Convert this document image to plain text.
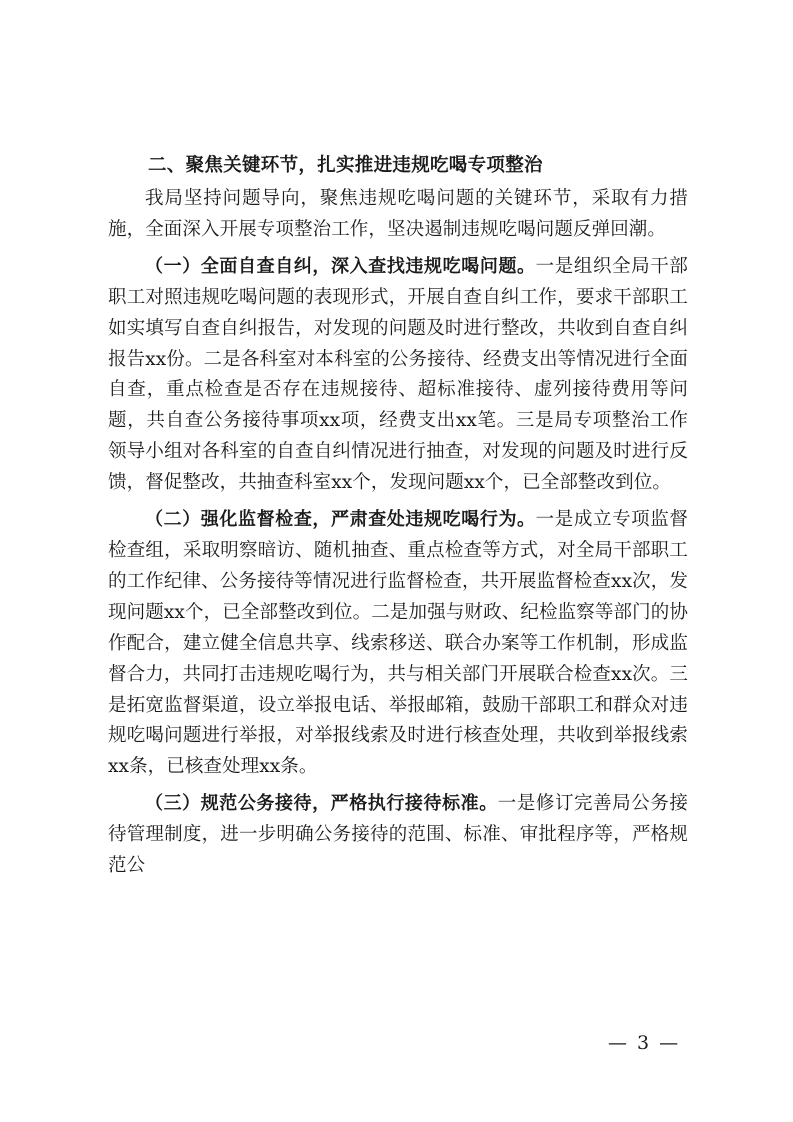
二、聚焦关键环节，扎实推进违规吃喝专项整治

我局坚持问题导向，聚焦违规吃喝问题的关键环节，采取有力措施，全面深入开展专项整治工作，坚决遏制违规吃喝问题反弹回潮。

（一）全面自查自纠，深入查找违规吃喝问题。一是组织全局干部职工对照违规吃喝问题的表现形式，开展自查自纠工作，要求干部职工如实填写自查自纠报告，对发现的问题及时进行整改，共收到自查自纠报告xx份。二是各科室对本科室的公务接待、经费支出等情况进行全面自查，重点检查是否存在违规接待、超标准接待、虚列接待费用等问题，共自查公务接待事项xx项，经费支出xx笔。三是局专项整治工作领导小组对各科室的自查自纠情况进行抽查，对发现的问题及时进行反馈，督促整改，共抽查科室xx个，发现问题xx个，已全部整改到位。

（二）强化监督检查，严肃查处违规吃喝行为。一是成立专项监督检查组，采取明察暗访、随机抽查、重点检查等方式，对全局干部职工的工作纪律、公务接待等情况进行监督检查，共开展监督检查xx次，发现问题xx个，已全部整改到位。二是加强与财政、纪检监察等部门的协作配合，建立健全信息共享、线索移送、联合办案等工作机制，形成监督合力，共同打击违规吃喝行为，共与相关部门开展联合检查xx次。三是拓宽监督渠道，设立举报电话、举报邮箱，鼓励干部职工和群众对违规吃喝问题进行举报，对举报线索及时进行核查处理，共收到举报线索xx条，已核查处理xx条。

（三）规范公务接待，严格执行接待标准。一是修订完善局公务接待管理制度，进一步明确公务接待的范围、标准、审批程序等，严格规范公

— 3 —
